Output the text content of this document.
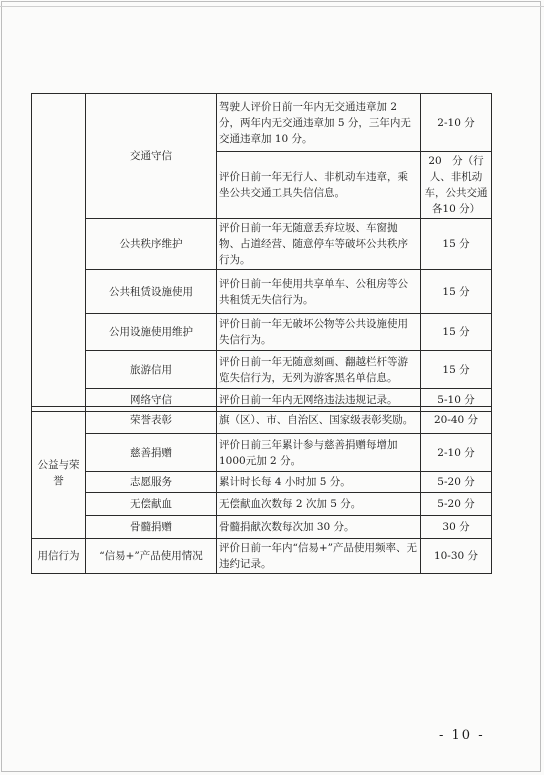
	交通守信	驾驶人评价日前一年内无交通违章加 2 分，两年内无交通违章加 5 分，三年内无交通违章加 10 分。	2-10 分
		评价日前一年无行人、非机动车违章，乘坐公共交通工具失信信息。	20　分（行人、非机动车，公共交通各10 分）
	公共秩序维护	评价日前一年无随意丢弃垃圾、车窗抛物、占道经营、随意停车等破坏公共秩序行为。	15 分
	公共租赁设施使用	评价日前一年使用共享单车、公租房等公共租赁无失信行为。	15 分
	公用设施使用维护	评价日前一年无破坏公物等公共设施使用失信行为。	15 分
	旅游信用	评价日前一年无随意刻画、翻越栏杆等游览失信行为，无列为游客黑名单信息。	15 分
	网络守信	评价日前一年内无网络违法违规记录。	5-10 分
公益与荣誉	荣誉表彰	旗（区）、市、自治区、国家级表彰奖励。	20-40 分
	慈善捐赠	评价日前三年累计参与慈善捐赠每增加 1000元加 2 分。	2-10 分
	志愿服务	累计时长每 4 小时加 5 分。	5-20 分
	无偿献血	无偿献血次数每 2 次加 5 分。	5-20 分
	骨髓捐赠	骨髓捐献次数每次加 30 分。	30 分
用信行为	“信易+”产品使用情况	评价日前一年内“信易+”产品使用频率、无违约记录。	10-30 分
- 10 -
